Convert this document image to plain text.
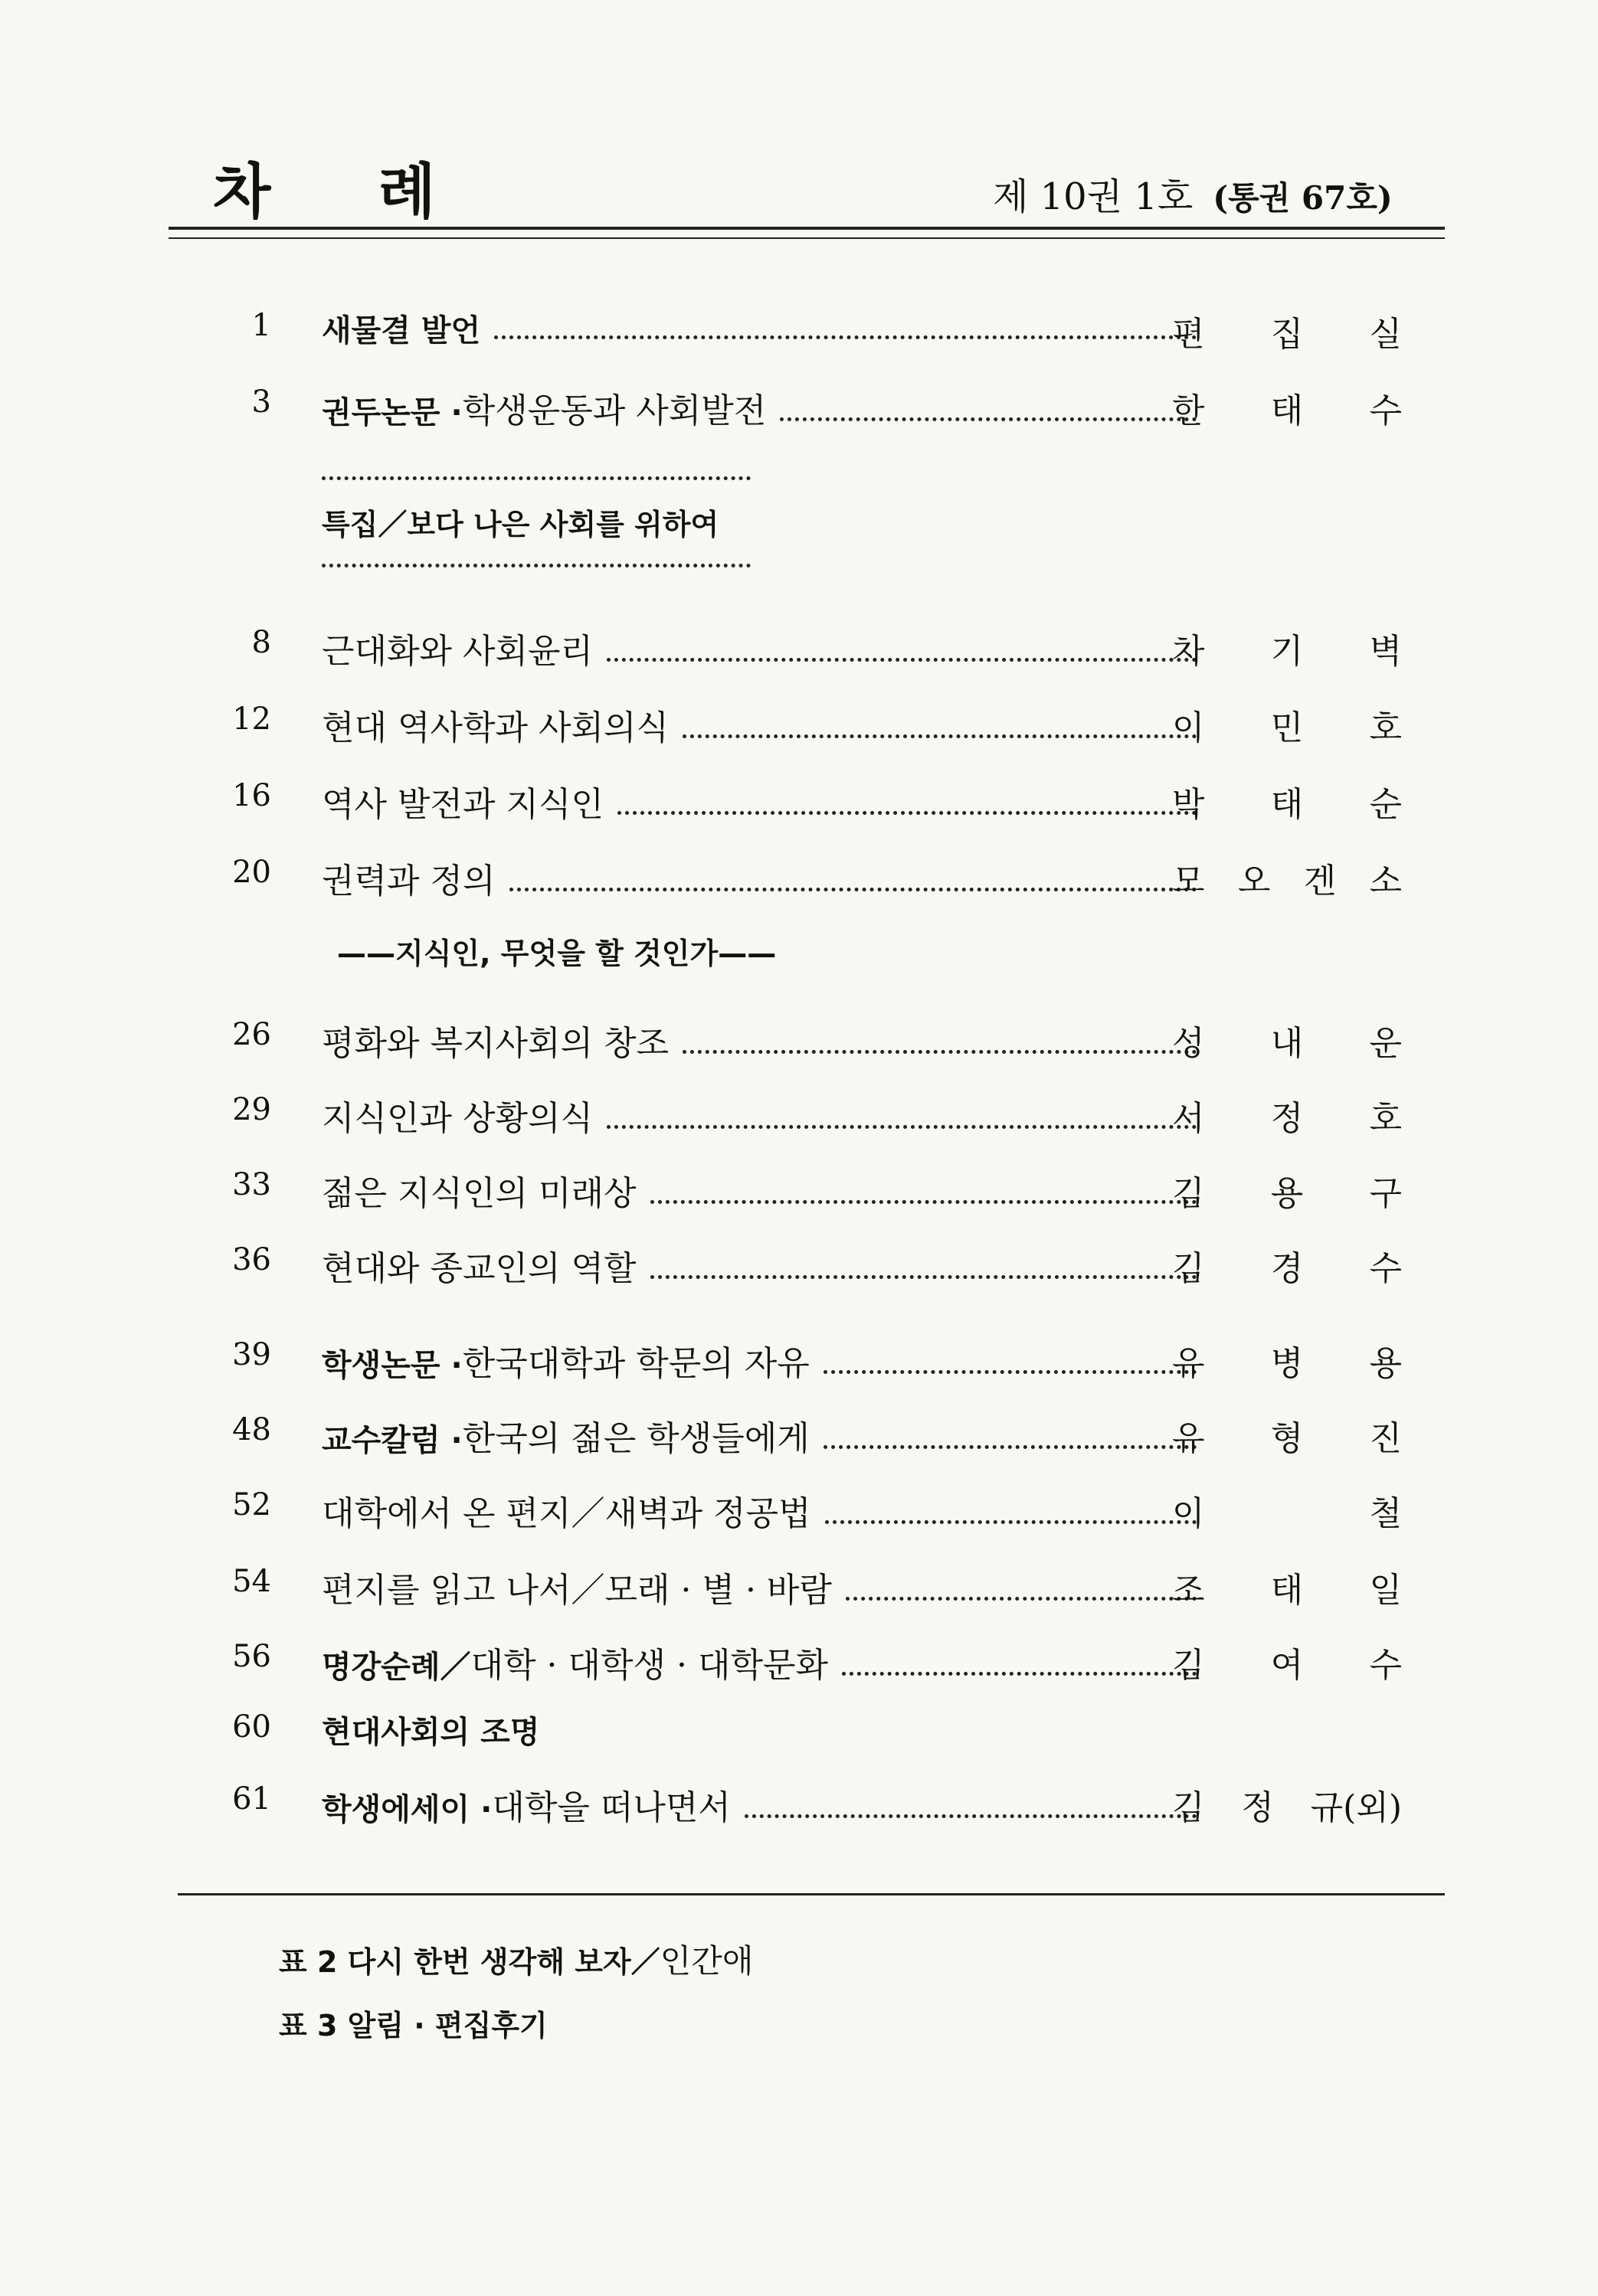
차 례	제 10권 1호 (통권 67호)
1 새물결 발언	편 집 실
3 권두논문 · 학생운동과 사회발전	한 태 수
8 근대화와 사회윤리	차 기 벽
12 현대 역사학과 사회의식	이 민 호
16 역사 발전과 지식인	박 태 순
20 권력과 정의	모 오 겐 소
26 평화와 복지사회의 창조	성 내 운
29 지식인과 상황의식	서 정 호
33 젊은 지식인의 미래상	김 용 구
36 현대와 종교인의 역할	김 경 수
39 학생논문 · 한국대학과 학문의 자유	유 병 용
48 교수칼럼 · 한국의 젊은 학생들에게	유 형 진
52 대학에서 온 편지／새벽과 정공법	이	철
54 편지를 읽고 나서／모래 · 별 · 바람	조 태 일
56 명강순례／ 대학 · 대학생 · 대학문화	김 여 수
60 현대사회의 조명
61 학생에세이 · 대학을 떠나면서	김 정 규(외)
특집／보다 나은 사회를 위하여
——지식인, 무엇을 할 것인가——
표 2 다시 한번 생각해 보자／인간애
표 3 알림 · 편집후기
